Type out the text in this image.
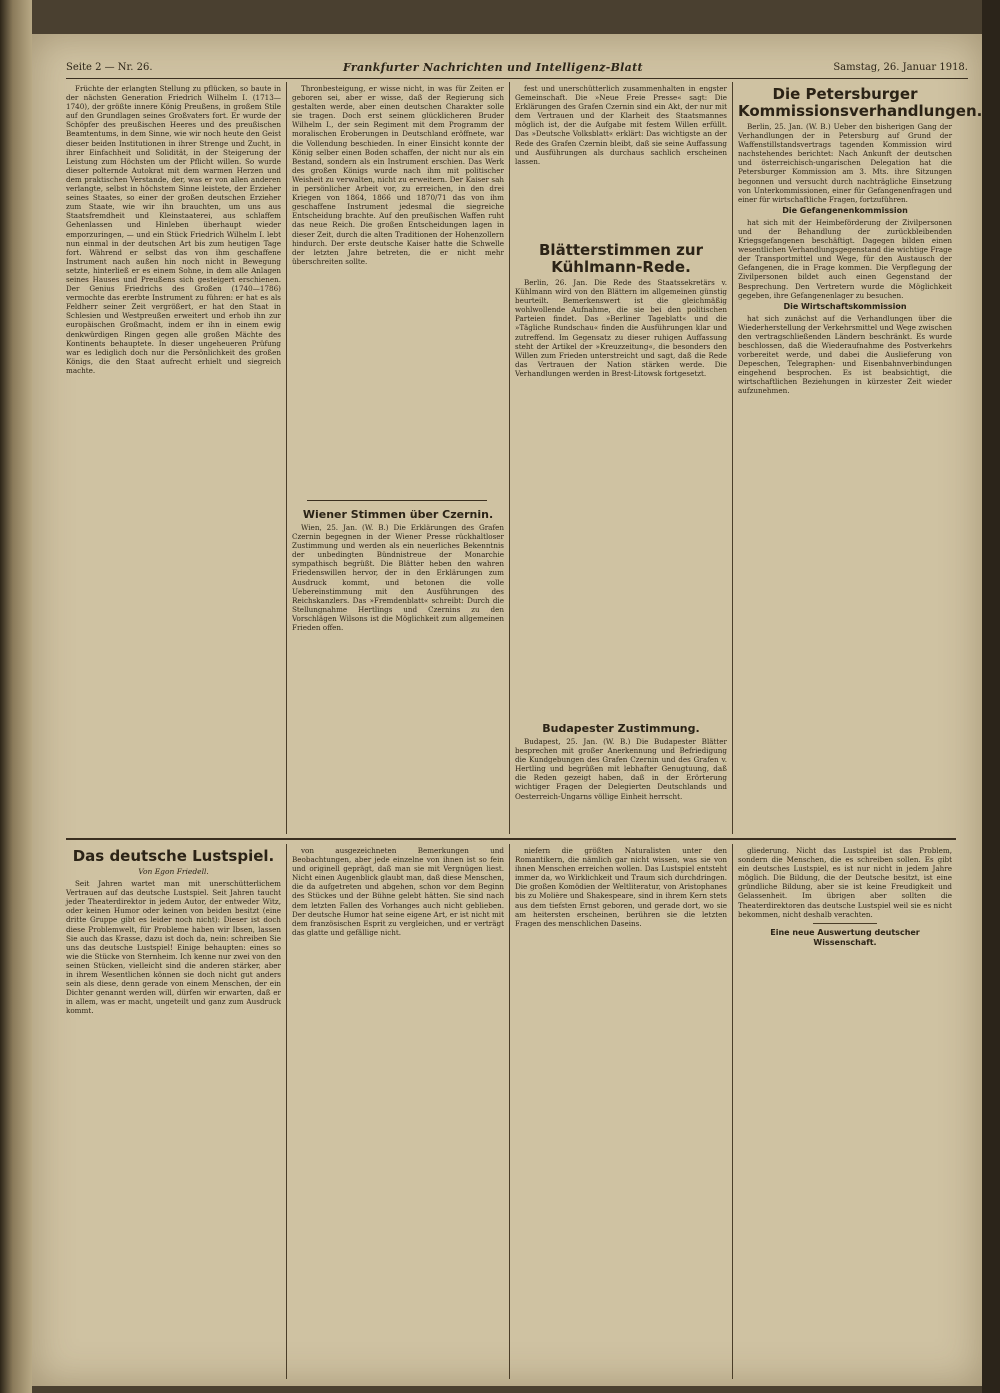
Seite 2 — Nr. 26.	Frankfurter Nachrichten und Intelligenz-Blatt	Samstag, 26. Januar 1918.

Früchte der erlangten Stellung zu pflücken, so baute in der nächsten Generation Friedrich Wilhelm I. (1713—1740), der größte innere König Preußens, in großem Stile auf den Grundlagen seines Großvaters fort. Er wurde der Schöpfer des preußischen Heeres und des preußischen Beamtentums, in dem Sinne, wie wir noch heute den Geist dieser beiden Institutionen in ihrer Strenge und Zucht, in ihrer Einfachheit und Solidität, in der Steigerung der Leistung zum Höchsten um der Pflicht willen. So wurde dieser polternde Autokrat mit dem warmen Herzen und dem praktischen Verstande, der, was er von allen anderen verlangte, selbst in höchstem Sinne leistete, der Erzieher seines Staates, so einer der großen deutschen Erzieher zum Staate, wie wir ihn brauchten, um uns aus Staatsfremdheit und Kleinstaaterei, aus schlaffem Gehenlassen und Hinleben überhaupt wieder emporzuringen, — und ein Stück Friedrich Wilhelm I. lebt nun einmal in der deutschen Art bis zum heutigen Tage fort. Während er selbst das von ihm geschaffene Instrument nach außen hin noch nicht in Bewegung setzte, hinterließ er es einem Sohne, in dem alle Anlagen seines Hauses und Preußens sich gesteigert erschienen. Der Genius Friedrichs des Großen (1740—1786) vermochte das ererbte Instrument zu führen: er hat es als Feldherr seiner Zeit vergrößert, er hat den Staat in Schlesien und Westpreußen erweitert und erhob ihn zur europäischen Großmacht, indem er ihn in einem ewig denkwürdigen Ringen gegen alle großen Mächte des Kontinents behauptete. In dieser ungeheueren Prüfung war es lediglich doch nur die Persönlichkeit des großen Königs, die den Staat aufrecht erhielt und siegreich machte.

Thronbesteigung, er wisse nicht, in was für Zeiten er geboren sei, aber er wisse, daß der Regierung sich gestalten werde, aber einen deutschen Charakter solle sie tragen. Doch erst seinem glücklicheren Bruder Wilhelm I., der sein Regiment mit dem Programm der moralischen Eroberungen in Deutschland eröffnete, war die Vollendung beschieden. In einer Einsicht konnte der König selber einen Boden schaffen, der nicht nur als ein Bestand, sondern als ein Instrument erschien. Das Werk des großen Königs wurde nach ihm mit politischer Weisheit zu verwalten, nicht zu erweitern. Der Kaiser sah in persönlicher Arbeit vor, zu erreichen, in den drei Kriegen von 1864, 1866 und 1870/71 das von ihm geschaffene Instrument jedesmal die siegreiche Entscheidung brachte. Auf den preußischen Waffen ruht das neue Reich. Die großen Entscheidungen lagen in dieser Zeit, durch die alten Traditionen der Hohenzollern hindurch. Der erste deutsche Kaiser hatte die Schwelle der letzten Jahre betreten, die er nicht mehr überschreiten sollte.

Wiener Stimmen über Czernin.

Wien, 25. Jan. (W. B.) Die Erklärungen des Grafen Czernin begegnen in der Wiener Presse rückhaltloser Zustimmung und werden als ein neuerliches Bekenntnis der unbedingten Bündnistreue der Monarchie sympathisch begrüßt. Die Blätter heben den wahren Friedenswillen hervor, der in den Erklärungen zum Ausdruck kommt, und betonen die volle Uebereinstimmung mit den Ausführungen des Reichskanzlers. Das »Fremdenblatt« schreibt: Durch die Stellungnahme Hertlings und Czernins zu den Vorschlägen Wilsons ist die Möglichkeit zum allgemeinen Frieden offen.

fest und unerschütterlich zusammenhalten in engster Gemeinschaft. Die »Neue Freie Presse« sagt: Die Erklärungen des Grafen Czernin sind ein Akt, der nur mit dem Vertrauen und der Klarheit des Staatsmannes möglich ist, der die Aufgabe mit festem Willen erfüllt. Das »Deutsche Volksblatt« erklärt: Das wichtigste an der Rede des Grafen Czernin bleibt, daß sie seine Auffassung und Ausführungen als durchaus sachlich erscheinen lassen.

Blätterstimmen zur Kühlmann-Rede.

Berlin, 26. Jan. Die Rede des Staatssekretärs v. Kühlmann wird von den Blättern im allgemeinen günstig beurteilt. Bemerkenswert ist die gleichmäßig wohlwollende Aufnahme, die sie bei den politischen Parteien findet. Das »Berliner Tageblatt« und die »Tägliche Rundschau« finden die Ausführungen klar und zutreffend. Im Gegensatz zu dieser ruhigen Auffassung steht der Artikel der »Kreuzzeitung«, die besonders den Willen zum Frieden unterstreicht und sagt, daß die Rede das Vertrauen der Nation stärken werde. Die Verhandlungen werden in Brest-Litowsk fortgesetzt.

Budapester Zustimmung.

Budapest, 25. Jan. (W. B.) Die Budapester Blätter besprechen mit großer Anerkennung und Befriedigung die Kundgebungen des Grafen Czernin und des Grafen v. Hertling und begrüßen mit lebhafter Genugtuung, daß die Reden gezeigt haben, daß in der Erörterung wichtiger Fragen der Delegierten Deutschlands und Oesterreich-Ungarns völlige Einheit herrscht.

Die Petersburger Kommissionsverhandlungen.

Berlin, 25. Jan. (W. B.) Ueber den bisherigen Gang der Verhandlungen der in Petersburg auf Grund der Waffenstillstandsvertrags tagenden Kommission wird nachstehendes berichtet: Nach Ankunft der deutschen und österreichisch-ungarischen Delegation hat die Petersburger Kommission am 3. Mts. ihre Sitzungen begonnen und versucht durch nachträgliche Einsetzung von Unterkommissionen, einer für Gefangenenfragen und einer für wirtschaftliche Fragen, fortzuführen.

Die Gefangenenkommission

hat sich mit der Heimbeförderung der Zivilpersonen und der Behandlung der zurückbleibenden Kriegsgefangenen beschäftigt. Dagegen bilden einen wesentlichen Verhandlungsgegenstand die wichtige Frage der Transportmittel und Wege, für den Austausch der Gefangenen, die in Frage kommen. Die Verpflegung der Zivilpersonen bildet auch einen Gegenstand der Besprechung. Den Vertretern wurde die Möglichkeit gegeben, ihre Gefangenenlager zu besuchen.

Die Wirtschaftskommission

hat sich zunächst auf die Verhandlungen über die Wiederherstellung der Verkehrsmittel und Wege zwischen den vertragschließenden Ländern beschränkt. Es wurde beschlossen, daß die Wiederaufnahme des Postverkehrs vorbereitet werde, und dabei die Auslieferung von Depeschen, Telegraphen- und Eisenbahnverbindungen eingehend besprochen. Es ist beabsichtigt, die wirtschaftlichen Beziehungen in kürzester Zeit wieder aufzunehmen.

Das deutsche Lustspiel.
Von Egon Friedell.

Seit Jahren wartet man mit unerschütterlichem Vertrauen auf das deutsche Lustspiel. Seit Jahren taucht jeder Theaterdirektor in jedem Autor, der entweder Witz, oder keinen Humor oder keinen von beiden besitzt (eine dritte Gruppe gibt es leider noch nicht): Dieser ist doch diese Problemwelt, für Probleme haben wir Ibsen, lassen Sie auch das Krasse, dazu ist doch da, nein: schreiben Sie uns das deutsche Lustspiel! Einige behaupten: eines so wie die Stücke von Sternheim. Ich kenne nur zwei von den seinen Stücken, vielleicht sind die anderen stärker, aber in ihrem Wesentlichen können sie doch nicht gut anders sein als diese, denn gerade von einem Menschen, der ein Dichter genannt werden will, dürfen wir erwarten, daß er in allem, was er macht, ungeteilt und ganz zum Ausdruck kommt.

von ausgezeichneten Bemerkungen und Beobachtungen, aber jede einzelne von ihnen ist so fein und originell geprägt, daß man sie mit Vergnügen liest. Nicht einen Augenblick glaubt man, daß diese Menschen, die da aufgetreten und abgehen, schon vor dem Beginn des Stückes und der Bühne gelebt hätten. Sie sind nach dem letzten Fallen des Vorhanges auch nicht geblieben. Der deutsche Humor hat seine eigene Art, er ist nicht mit dem französischen Esprit zu vergleichen, und er verträgt das glatte und gefällige nicht.

niefern die größten Naturalisten unter den Romantikern, die nämlich gar nicht wissen, was sie von ihnen Menschen erreichen wollen. Das Lustspiel entsteht immer da, wo Wirklichkeit und Traum sich durchdringen. Die großen Komödien der Weltliteratur, von Aristophanes bis zu Molière und Shakespeare, sind in ihrem Kern stets aus dem tiefsten Ernst geboren, und gerade dort, wo sie am heitersten erscheinen, berühren sie die letzten Fragen des menschlichen Daseins.

gliederung. Nicht das Lustspiel ist das Problem, sondern die Menschen, die es schreiben sollen. Es gibt ein deutsches Lustspiel, es ist nur nicht in jedem Jahre möglich. Die Bildung, die der Deutsche besitzt, ist eine gründliche Bildung, aber sie ist keine Freudigkeit und Gelassenheit. Im übrigen aber sollten die Theaterdirektoren das deutsche Lustspiel weil sie es nicht bekommen, nicht deshalb verachten.

Eine neue Auswertung deutscher Wissenschaft.
